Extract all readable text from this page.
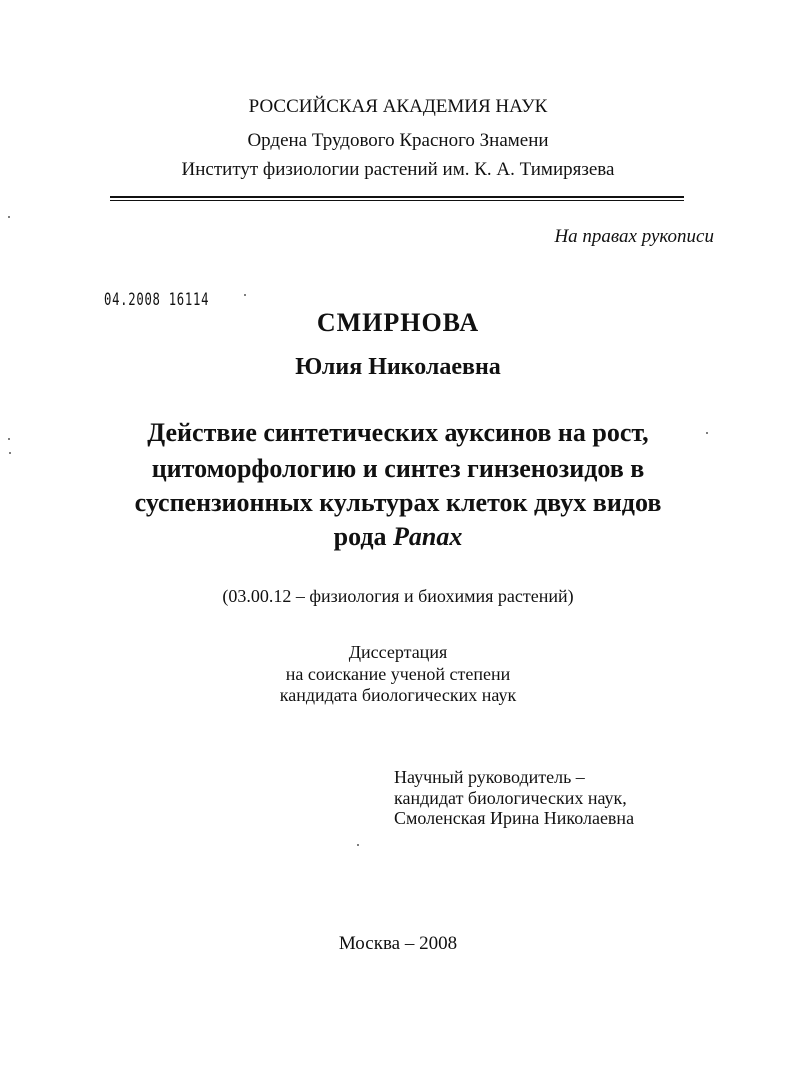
РОССИЙСКАЯ АКАДЕМИЯ НАУК
Ордена Трудового Красного Знамени
Институт физиологии растений им. К. А. Тимирязева
На правах рукописи
04.2008 16114
СМИРНОВА
Юлия Николаевна
Действие синтетических ауксинов на рост,
цитоморфологию и синтез гинзенозидов в
суспензионных культурах клеток двух видов
рода Panax
(03.00.12 – физиология и биохимия растений)
Диссертация
на соискание ученой степени
кандидата биологических наук
Научный руководитель –
кандидат биологических наук,
Смоленская Ирина Николаевна
Москва – 2008
